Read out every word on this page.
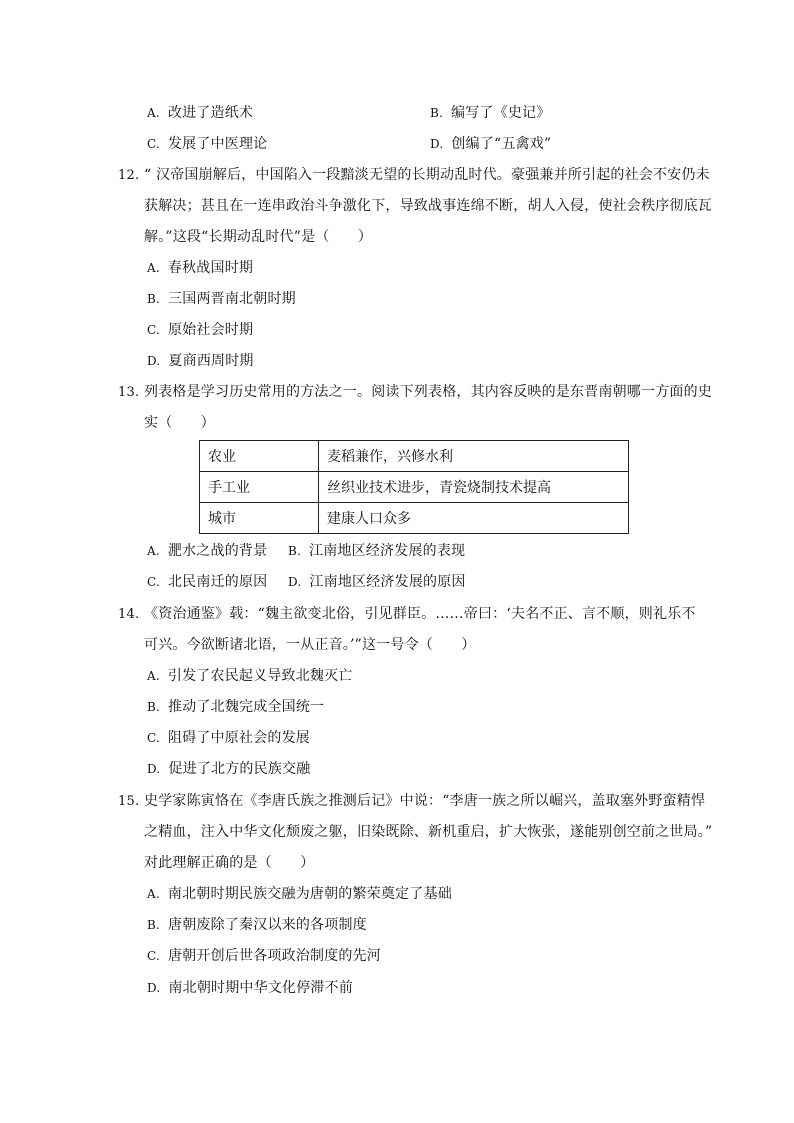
A. 改进了造纸术	B. 编写了《史记》
C. 发展了中医理论	D. 创编了“五禽戏”
12. “ 汉帝国崩解后，中国陷入一段黯淡无望的长期动乱时代。豪强兼并所引起的社会不安仍未
获解决；甚且在一连串政治斗争激化下，导致战事连绵不断，胡人入侵，使社会秩序彻底瓦
解。”这段“长期动乱时代”是（　　）
A. 春秋战国时期
B. 三国两晋南北朝时期
C. 原始社会时期
D. 夏商西周时期
13. 列表格是学习历史常用的方法之一。阅读下列表格，其内容反映的是东晋南朝哪一方面的史
实（　　）
农业	麦稻兼作，兴修水利
手工业	丝织业技术进步，青瓷烧制技术提高
城市	建康人口众多
A. 淝水之战的背景 B. 江南地区经济发展的表现
C. 北民南迁的原因 D. 江南地区经济发展的原因
14. 《资治通鉴》载：“魏主欲变北俗，引见群臣。……帝曰：‘夫名不正、言不顺，则礼乐不
可兴。今欲断诸北语，一从正音。’”这一号令（　　）
A. 引发了农民起义导致北魏灭亡
B. 推动了北魏完成全国统一
C. 阻碍了中原社会的发展
D. 促进了北方的民族交融
15. 史学家陈寅恪在《李唐氏族之推测后记》中说：“李唐一族之所以崛兴，盖取塞外野蛮精悍
之精血，注入中华文化颓废之躯，旧染既除、新机重启，扩大恢张，遂能别创空前之世局。”
对此理解正确的是（　　）
A. 南北朝时期民族交融为唐朝的繁荣奠定了基础
B. 唐朝废除了秦汉以来的各项制度
C. 唐朝开创后世各项政治制度的先河
D. 南北朝时期中华文化停滞不前
